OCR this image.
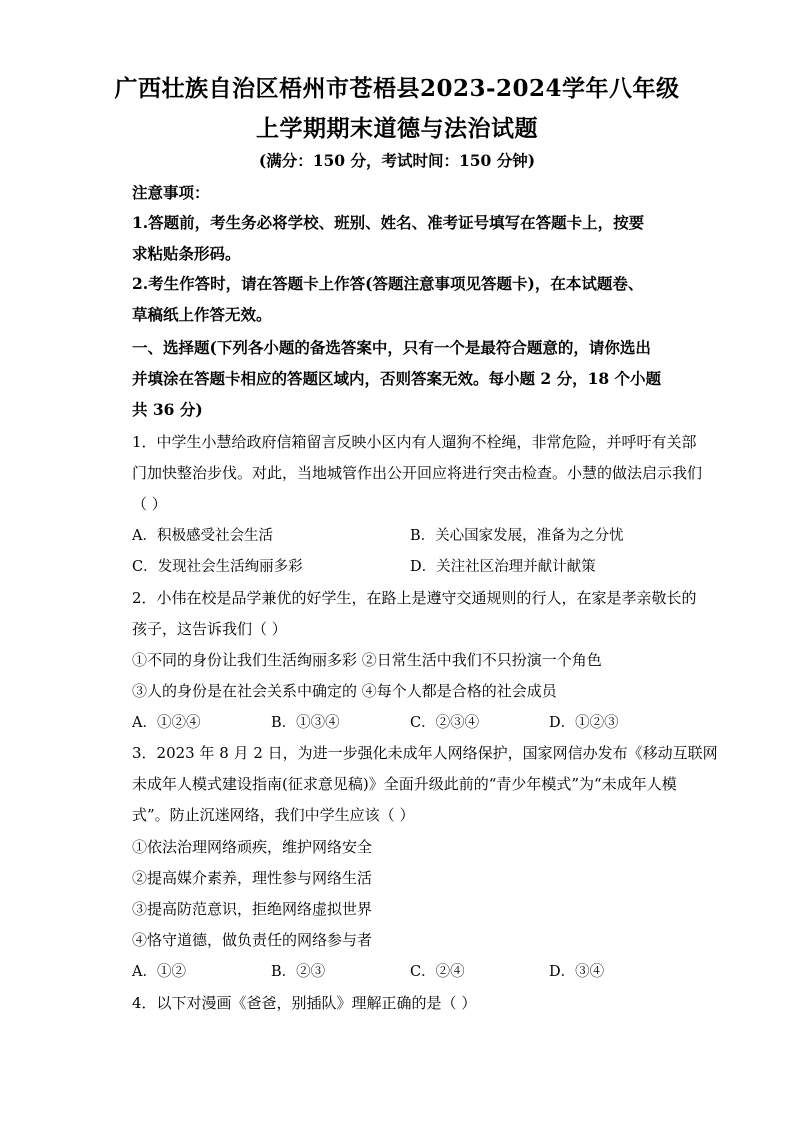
广西壮族自治区梧州市苍梧县2023-2024学年八年级
上学期期末道德与法治试题
(满分：150 分，考试时间：150 分钟)
注意事项：
1.答题前，考生务必将学校、班别、姓名、准考证号填写在答题卡上，按要
求粘贴条形码。
2.考生作答时，请在答题卡上作答(答题注意事项见答题卡)，在本试题卷、
草稿纸上作答无效。
一、选择题(下列各小题的备选答案中，只有一个是最符合题意的，请你选出
并填涂在答题卡相应的答题区域内，否则答案无效。每小题 2 分，18 个小题
共 36 分)
1．中学生小慧给政府信箱留言反映小区内有人遛狗不栓绳，非常危险，并呼吁有关部
门加快整治步伐。对此，当地城管作出公开回应将进行突击检查。小慧的做法启示我们
（ ）
A．积极感受社会生活	B．关心国家发展，准备为之分忧
C．发现社会生活绚丽多彩	D．关注社区治理并献计献策
2．小伟在校是品学兼优的好学生，在路上是遵守交通规则的行人，在家是孝亲敬长的
孩子，这告诉我们（ ）
①不同的身份让我们生活绚丽多彩 ②日常生活中我们不只扮演一个角色
③人的身份是在社会关系中确定的 ④每个人都是合格的社会成员
A．①②④	B．①③④	C．②③④	D．①②③
3．2023 年 8 月 2 日，为进一步强化未成年人网络保护，国家网信办发布《移动互联网
未成年人模式建设指南(征求意见稿)》全面升级此前的“青少年模式”为“未成年人模
式”。防止沉迷网络，我们中学生应该（ ）
①依法治理网络顽疾，维护网络安全
②提高媒介素养，理性参与网络生活
③提高防范意识，拒绝网络虚拟世界
④恪守道德，做负责任的网络参与者
A．①②	B．②③	C．②④	D．③④
4．以下对漫画《爸爸，别插队》理解正确的是（ ）
